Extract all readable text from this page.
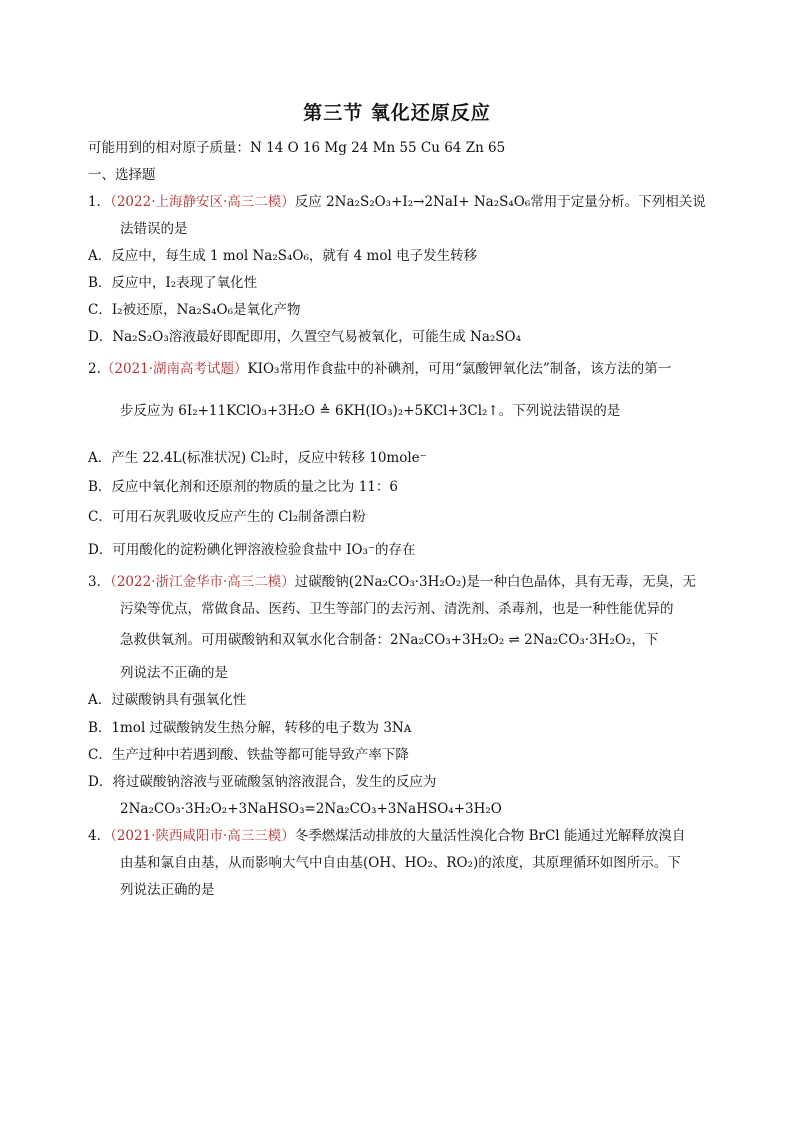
第三节 氧化还原反应
可能用到的相对原子质量：N 14 O 16 Mg 24 Mn 55 Cu 64 Zn 65
一、选择题
1．（2022·上海静安区·高三二模）反应 2Na₂S₂O₃+I₂→2NaI+ Na₂S₄O₆常用于定量分析。下列相关说
法错误的是
A．反应中，每生成 1 mol Na₂S₄O₆，就有 4 mol 电子发生转移
B．反应中，I₂表现了氧化性
C．I₂被还原，Na₂S₄O₆是氧化产物
D．Na₂S₂O₃溶液最好即配即用，久置空气易被氧化，可能生成 Na₂SO₄
2.（2021·湖南高考试题）KIO₃常用作食盐中的补碘剂，可用“氯酸钾氧化法”制备，该方法的第一
步反应为 6I₂+11KClO₃+3H₂O ≜ 6KH(IO₃)₂+5KCl+3Cl₂↑。下列说法错误的是
A．产生 22.4L(标准状况) Cl₂时，反应中转移 10mole⁻
B．反应中氧化剂和还原剂的物质的量之比为 11：6
C．可用石灰乳吸收反应产生的 Cl₂制备漂白粉
D．可用酸化的淀粉碘化钾溶液检验食盐中 IO₃⁻的存在
3．（2022·浙江金华市·高三二模）过碳酸钠(2Na₂CO₃·3H₂O₂)是一种白色晶体，具有无毒，无臭，无
污染等优点，常做食品、医药、卫生等部门的去污剂、清洗剂、杀毒剂，也是一种性能优异的
急救供氧剂。可用碳酸钠和双氧水化合制备：2Na₂CO₃+3H₂O₂ ⇌ 2Na₂CO₃·3H₂O₂，下
列说法不正确的是
A．过碳酸钠具有强氧化性
B．1mol 过碳酸钠发生热分解，转移的电子数为 3Nᴀ
C．生产过种中若遇到酸、铁盐等都可能导致产率下降
D．将过碳酸钠溶液与亚硫酸氢钠溶液混合，发生的反应为
2Na₂CO₃·3H₂O₂+3NaHSO₃=2Na₂CO₃+3NaHSO₄+3H₂O
4．（2021·陕西咸阳市·高三三模）冬季燃煤活动排放的大量活性溴化合物 BrCl 能通过光解释放溴自
由基和氯自由基，从而影响大气中自由基(OH、HO₂、RO₂)的浓度，其原理循环如图所示。下
列说法正确的是
